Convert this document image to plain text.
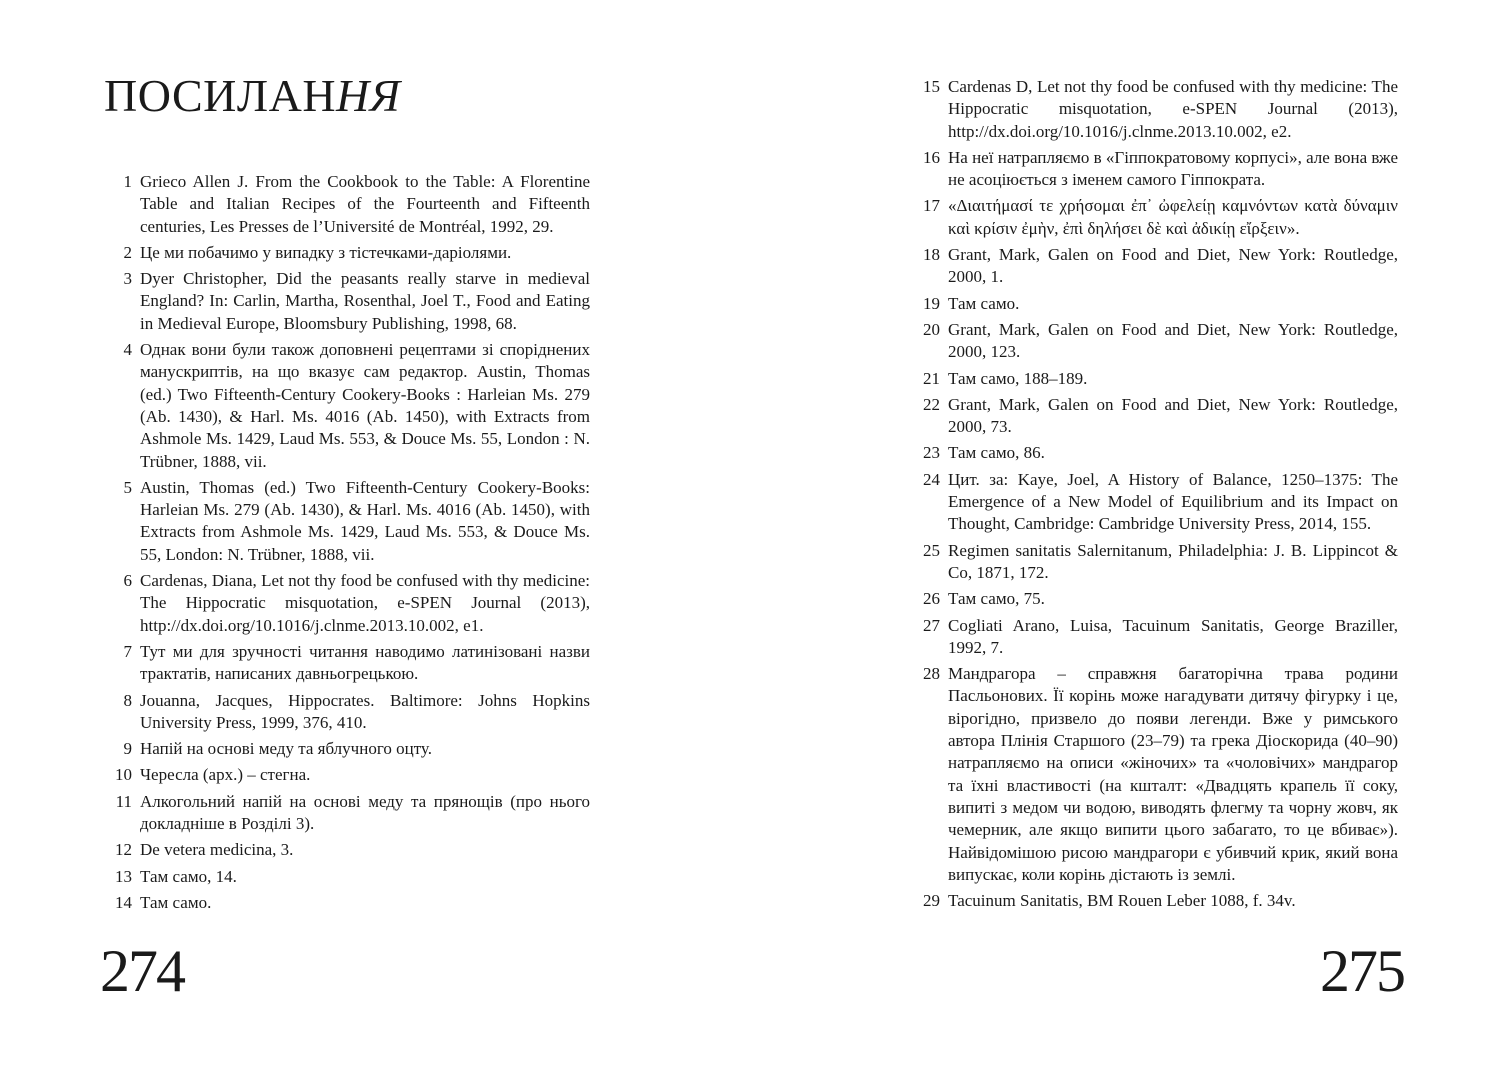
ПОСИЛАННЯ
1 Grieco Allen J. From the Cookbook to the Table: A Florentine Table and Italian Recipes of the Fourteenth and Fifteenth centuries, Les Presses de l’Université de Montréal, 1992, 29.
2 Це ми побачимо у випадку з тістечками-даріолями.
3 Dyer Christopher, Did the peasants really starve in medieval England? In: Carlin, Martha, Rosenthal, Joel T., Food and Eating in Medieval Europe, Bloomsbury Publishing, 1998, 68.
4 Однак вони були також доповнені рецептами зі споріднених манускриптів, на що вказує сам редактор. Austin, Thomas (ed.) Two Fifteenth-Century Cookery-Books : Harleian Ms. 279 (Ab. 1430), & Harl. Ms. 4016 (Ab. 1450), with Extracts from Ashmole Ms. 1429, Laud Ms. 553, & Douce Ms. 55, London : N. Trübner, 1888, vii.
5 Austin, Thomas (ed.) Two Fifteenth-Century Cookery-Books: Harleian Ms. 279 (Ab. 1430), & Harl. Ms. 4016 (Ab. 1450), with Extracts from Ashmole Ms. 1429, Laud Ms. 553, & Douce Ms. 55, London: N. Trübner, 1888, vii.
6 Cardenas, Diana, Let not thy food be confused with thy medicine: The Hippocratic misquotation, e-SPEN Journal (2013), http://dx.doi.org/10.1016/j.clnme.2013.10.002, e1.
7 Тут ми для зручності читання наводимо латинізовані назви трактатів, написаних давньогрецькою.
8 Jouanna, Jacques, Hippocrates. Baltimore: Johns Hopkins University Press, 1999, 376, 410.
9 Напій на основі меду та яблучного оцту.
10 Чересла (арх.) – стегна.
11 Алкогольний напій на основі меду та прянощів (про нього докладніше в Розділі 3).
12 De vetera medicina, 3.
13 Там само, 14.
14 Там само.
274
15 Cardenas D, Let not thy food be confused with thy medicine: The Hippocratic misquotation, e-SPEN Journal (2013), http://dx.doi.org/10.1016/j.clnme.2013.10.002, e2.
16 На неї натрапляємо в «Гіппократовому корпусі», але вона вже не асоціюється з іменем самого Гіппократа.
17 «Διαιτήμασί τε χρήσομαι ἐπ᾽ ὠφελείῃ καμνόντων κατὰ δύναμιν καὶ κρίσιν ἐμὴν, ἐπὶ δηλήσει δὲ καὶ ἀδικίῃ εἴρξειν».
18 Grant, Mark, Galen on Food and Diet, New York: Routledge, 2000, 1.
19 Там само.
20 Grant, Mark, Galen on Food and Diet, New York: Routledge, 2000, 123.
21 Там само, 188–189.
22 Grant, Mark, Galen on Food and Diet, New York: Routledge, 2000, 73.
23 Там само, 86.
24 Цит. за: Kaye, Joel, A History of Balance, 1250–1375: The Emergence of a New Model of Equilibrium and its Impact on Thought, Cambridge: Cambridge University Press, 2014, 155.
25 Regimen sanitatis Salernitanum, Philadelphia: J. B. Lippincot & Co, 1871, 172.
26 Там само, 75.
27 Cogliati Arano, Luisa, Tacuinum Sanitatis, George Braziller, 1992, 7.
28 Мандрагора – справжня багаторічна трава родини Пасльонових. Її корінь може нагадувати дитячу фігурку і це, вірогідно, призвело до появи легенди. Вже у римського автора Плінія Старшого (23–79) та грека Діоскорида (40–90) натрапляємо на описи «жіночих» та «чоловічих» мандрагор та їхні властивості (на кшталт: «Двадцять крапель її соку, випиті з медом чи водою, виводять флегму та чорну жовч, як чемерник, але якщо випити цього забагато, то це вбиває»). Найвідомішою рисою мандрагори є убивчий крик, який вона випускає, коли корінь дістають із землі.
29 Tacuinum Sanitatis, BM Rouen Leber 1088, f. 34v.
275
